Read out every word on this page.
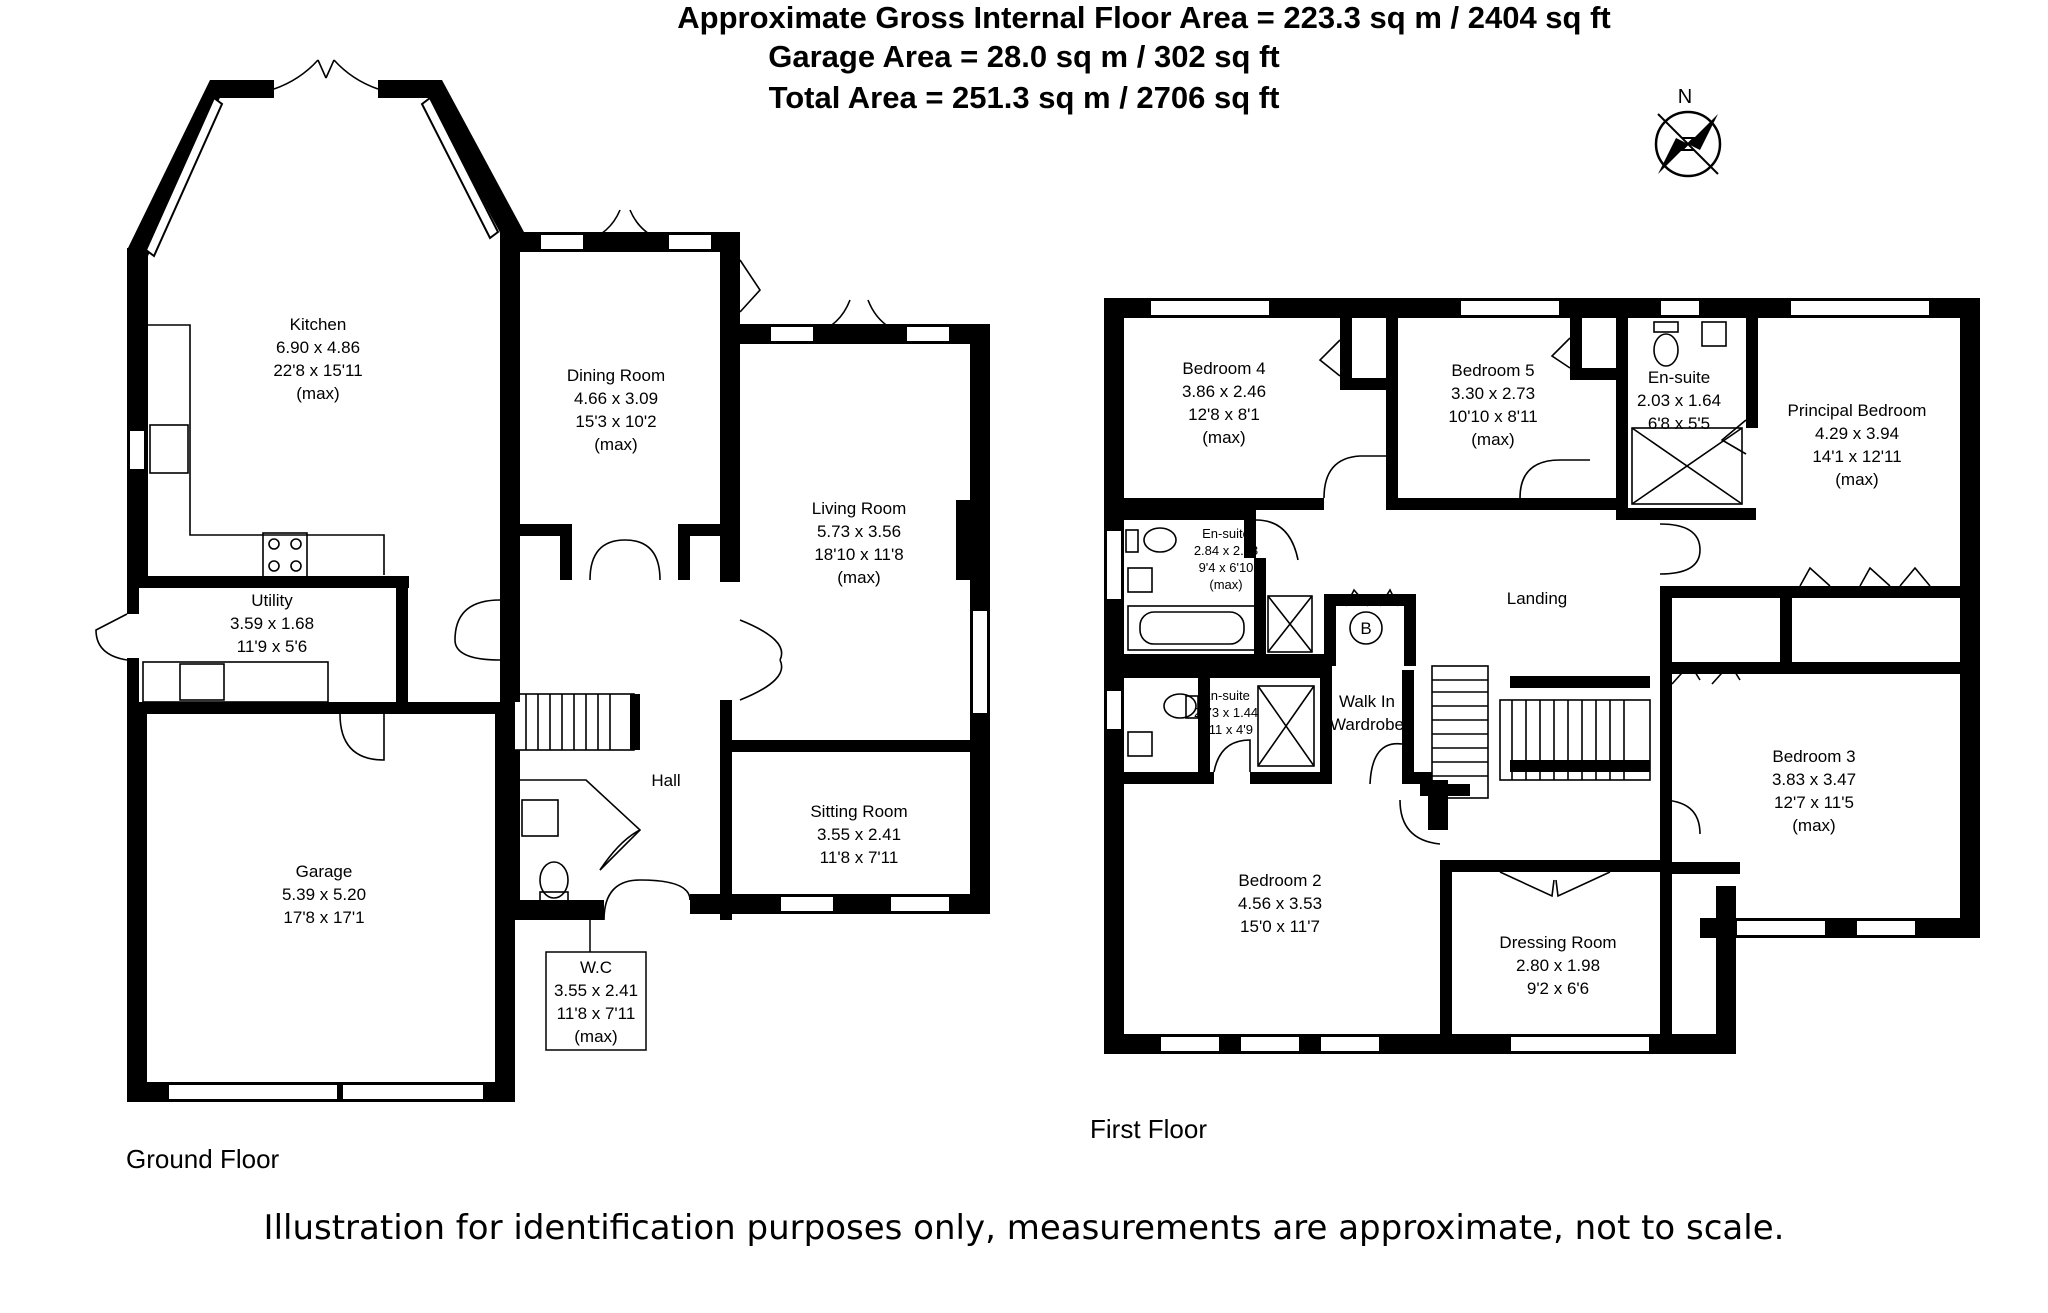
Approximate Gross Internal Floor Area = 223.3 sq m / 2404 sq ft
Garage Area = 28.0 sq m / 302 sq ft
Total Area = 251.3 sq m / 2706 sq ft	N
Kitchen
6.90 x 4.86
22'8 x 15'11
(max)
Dining Room
4.66 x 3.09
15'3 x 10'2
(max)
Living Room
5.73 x 3.56
18'10 x 11'8
(max)
Utility
3.59 x 1.68
11'9 x 5'6
Hall
Sitting Room
3.55 x 2.41
11'8 x 7'11
Garage
5.39 x 5.20
17'8 x 17'1
W.C
3.55 x 2.41
11'8 x 7'11
(max)
Ground Floor
Bedroom 4
3.86 x 2.46
12'8 x 8'1
(max)
Bedroom 5
3.30 x 2.73
10'10 x 8'11
(max)
En-suite
2.03 x 1.64
6'8 x 5'5
Principal Bedroom
4.29 x 3.94
14'1 x 12'11
(max)
En-suite
2.84 x 2.08
9'4 x 6'10
(max)
Landing
B
En-suite
2.73 x 1.44
8'11 x 4'9
Walk In
Wardrobe
Bedroom 3
3.83 x 3.47
12'7 x 11'5
(max)
Bedroom 2
4.56 x 3.53
15'0 x 11'7
Dressing Room
2.80 x 1.98
9'2 x 6'6
First Floor
Illustration for identification purposes only, measurements are approximate, not to scale.
